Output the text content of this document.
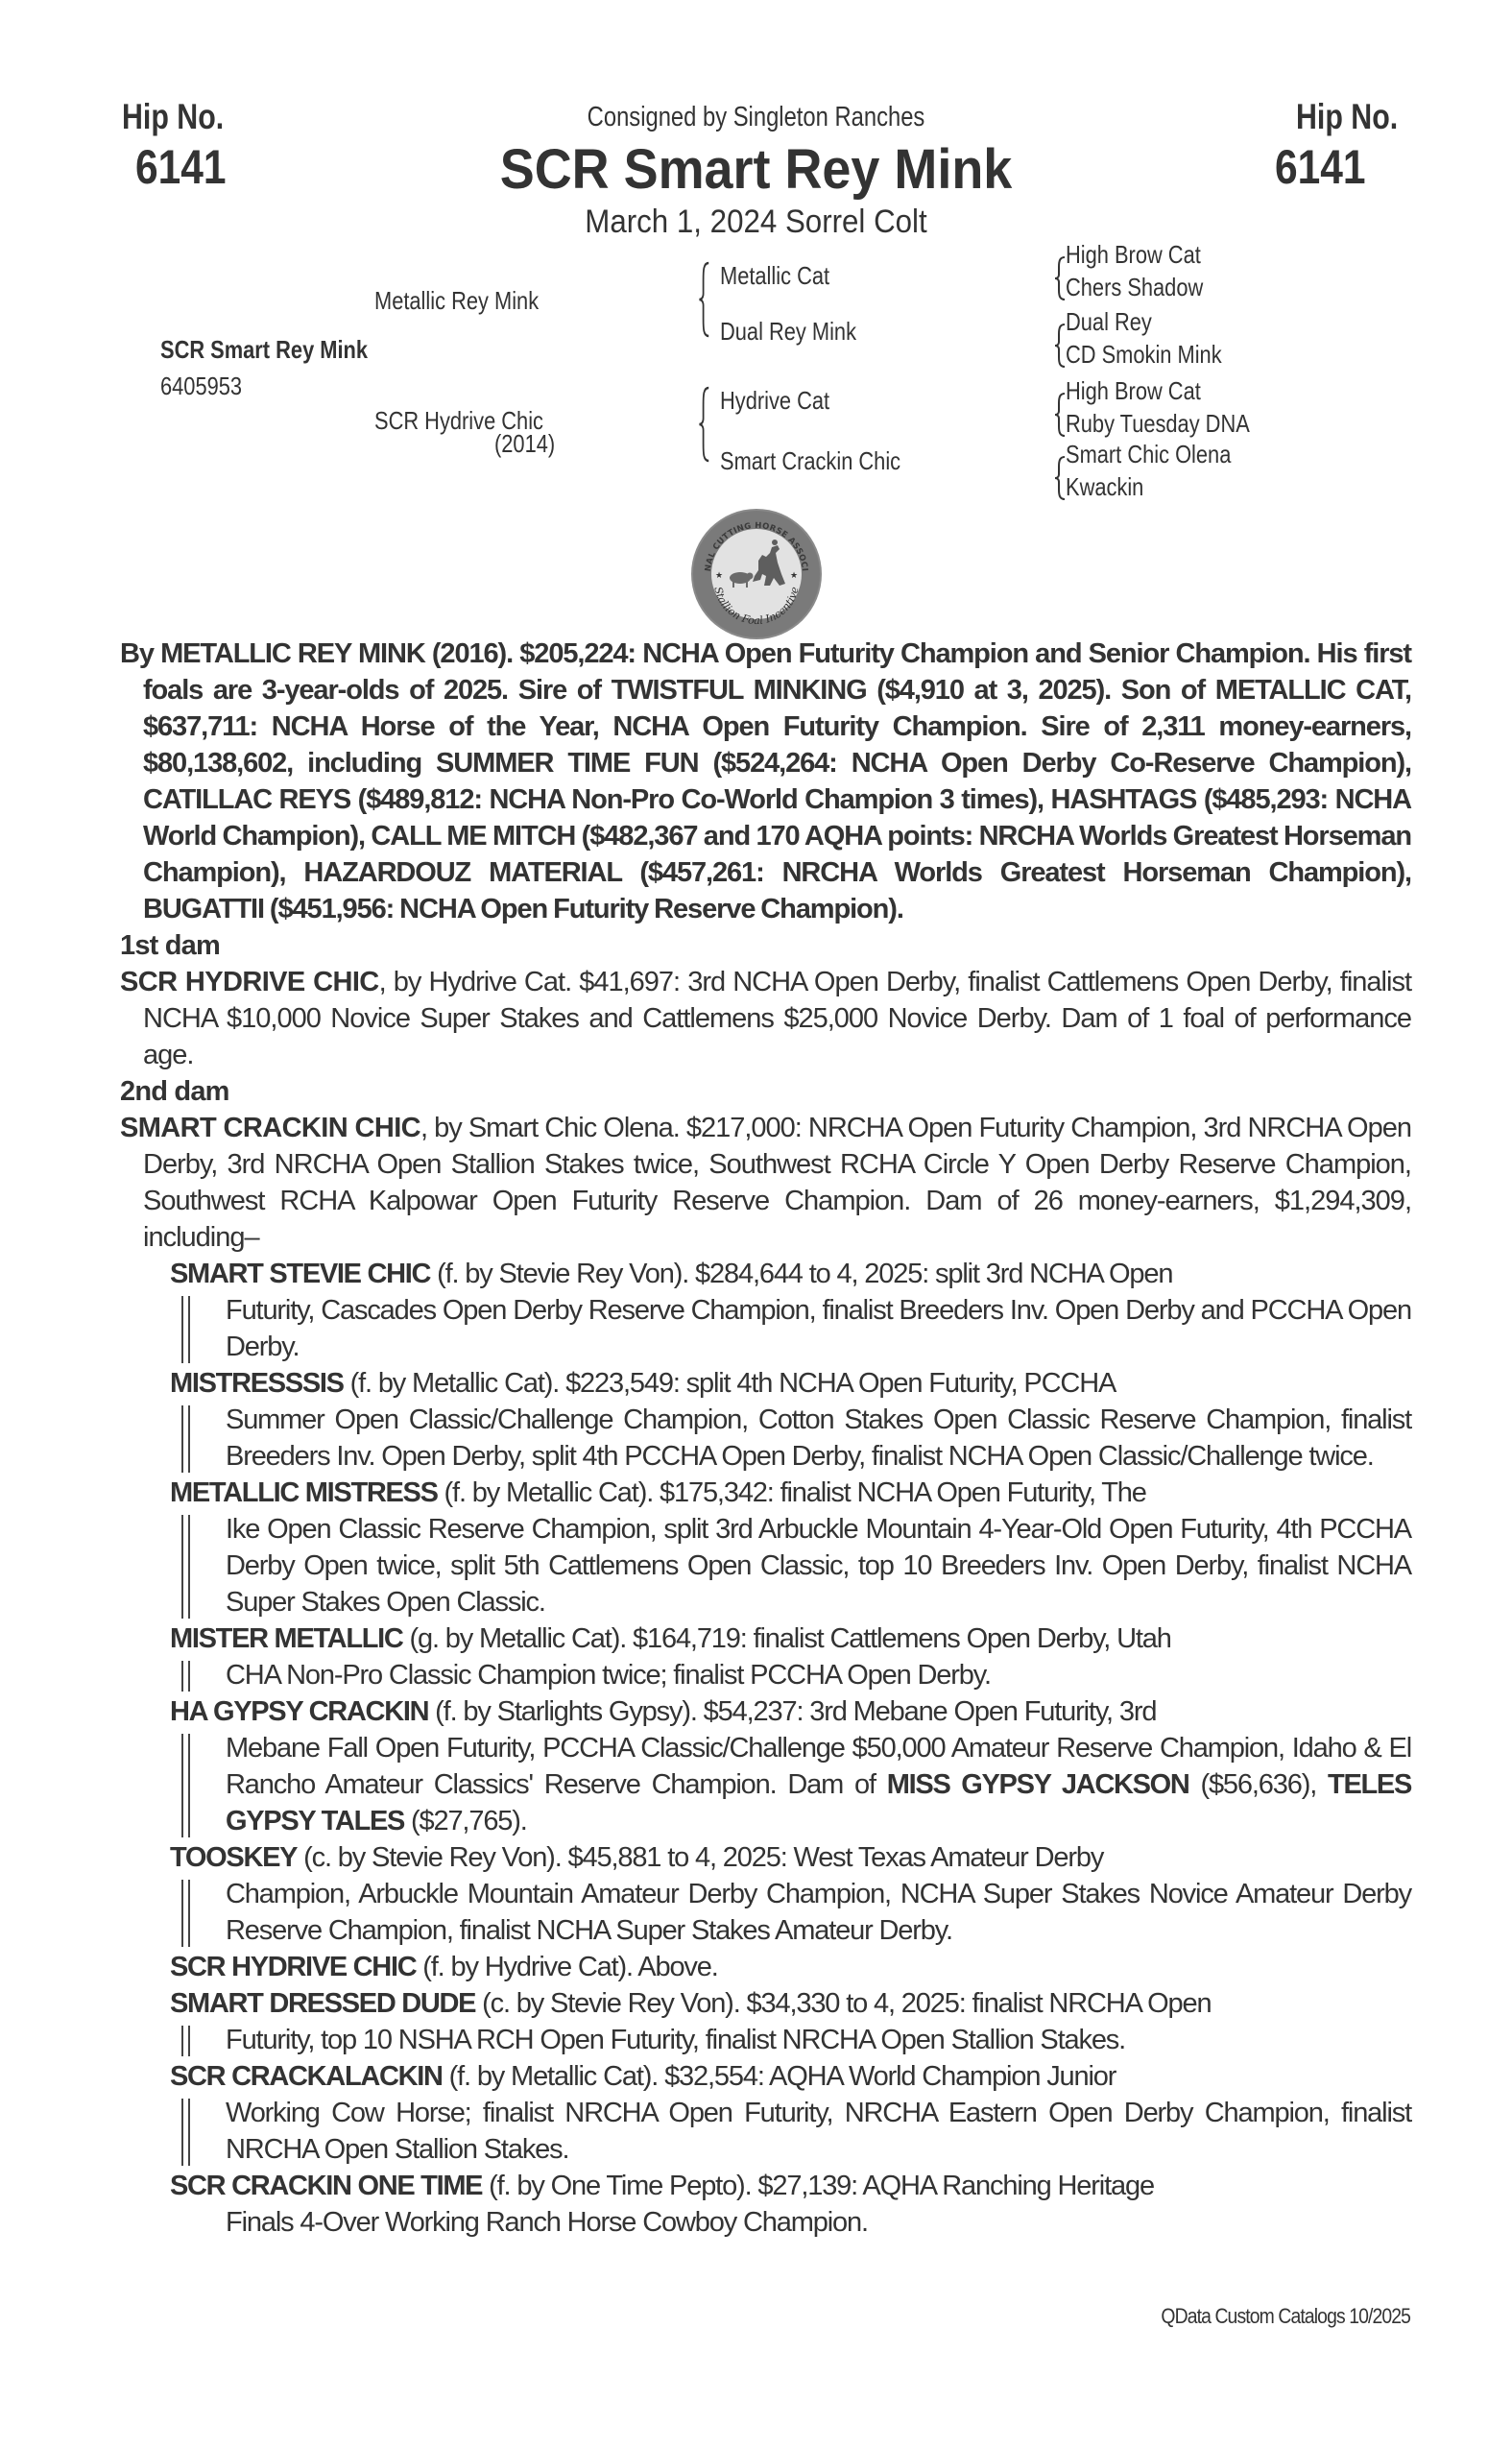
Hip No.
6141
Hip No.
6141
Consigned by Singleton Ranches
SCR Smart Rey Mink
March 1, 2024 Sorrel Colt
Metallic Rey Mink
SCR Smart Rey Mink
6405953
SCR Hydrive Chic
(2014)
Metallic Cat
Dual Rey Mink
Hydrive Cat
Smart Crackin Chic
High Brow Cat
Chers Shadow
Dual Rey
CD Smokin Mink
High Brow Cat
Ruby Tuesday DNA
Smart Chic Olena
Kwackin
NAL CUTTING HORSE ASSOCI
Stallion Foal Incentive
★	★

By METALLIC REY MINK (2016). $205,224: NCHA Open Futurity Champion and Senior Champion. His first foals are 3-year-olds of 2025. Sire of TWISTFUL MINKING ($4,910 at 3, 2025). Son of METALLIC CAT, $637,711: NCHA Horse of the Year, NCHA Open Futurity Champion. Sire of 2,311 money-earners, $80,138,602, including SUMMER TIME FUN ($524,264: NCHA Open Derby Co-Reserve Champion), CATILLAC REYS ($489,812: NCHA Non-Pro Co-World Champion 3 times), HASHTAGS ($485,293: NCHA World Champion), CALL ME MITCH ($482,367 and 170 AQHA points: NRCHA Worlds Greatest Horseman Champion), HAZARDOUZ MATERIAL ($457,261: NRCHA Worlds Greatest Horseman Champion), BUGATTII ($451,956: NCHA Open Futurity Reserve Champion).

1st dam

SCR HYDRIVE CHIC, by Hydrive Cat. $41,697: 3rd NCHA Open Derby, finalist Cattlemens Open Derby, finalist NCHA $10,000 Novice Super Stakes and Cattlemens $25,000 Novice Derby. Dam of 1 foal of performance age.

2nd dam

SMART CRACKIN CHIC, by Smart Chic Olena. $217,000: NRCHA Open Futurity Champion, 3rd NRCHA Open Derby, 3rd NRCHA Open Stallion Stakes twice, Southwest RCHA Circle Y Open Derby Reserve Champion, Southwest RCHA Kalpowar Open Futurity Reserve Champion. Dam of 26 money-earners, $1,294,309, including–

SMART STEVIE CHIC (f. by Stevie Rey Von). $284,644 to 4, 2025: split 3rd NCHA Open
Futurity, Cascades Open Derby Reserve Champion, finalist Breeders Inv. Open Derby and PCCHA Open Derby.
MISTRESSSIS (f. by Metallic Cat). $223,549: split 4th NCHA Open Futurity, PCCHA
Summer Open Classic/Challenge Champion, Cotton Stakes Open Classic Reserve Champion, finalist Breeders Inv. Open Derby, split 4th PCCHA Open Derby, finalist NCHA Open Classic/Challenge twice.
METALLIC MISTRESS (f. by Metallic Cat). $175,342: finalist NCHA Open Futurity, The
Ike Open Classic Reserve Champion, split 3rd Arbuckle Mountain 4-Year-Old Open Futurity, 4th PCCHA Derby Open twice, split 5th Cattlemens Open Classic, top 10 Breeders Inv. Open Derby, finalist NCHA Super Stakes Open Classic.
MISTER METALLIC (g. by Metallic Cat). $164,719: finalist Cattlemens Open Derby, Utah
CHA Non-Pro Classic Champion twice; finalist PCCHA Open Derby.
HA GYPSY CRACKIN (f. by Starlights Gypsy). $54,237: 3rd Mebane Open Futurity, 3rd
Mebane Fall Open Futurity, PCCHA Classic/Challenge $50,000 Amateur Reserve Champion, Idaho & El Rancho Amateur Classics' Reserve Champion. Dam of MISS GYPSY JACKSON ($56,636), TELES GYPSY TALES ($27,765).
TOOSKEY (c. by Stevie Rey Von). $45,881 to 4, 2025: West Texas Amateur Derby
Champion, Arbuckle Mountain Amateur Derby Champion, NCHA Super Stakes Novice Amateur Derby Reserve Champion, finalist NCHA Super Stakes Amateur Derby.
SCR HYDRIVE CHIC (f. by Hydrive Cat). Above.
SMART DRESSED DUDE (c. by Stevie Rey Von). $34,330 to 4, 2025: finalist NRCHA Open
Futurity, top 10 NSHA RCH Open Futurity, finalist NRCHA Open Stallion Stakes.
SCR CRACKALACKIN (f. by Metallic Cat). $32,554: AQHA World Champion Junior
Working Cow Horse; finalist NRCHA Open Futurity, NRCHA Eastern Open Derby Champion, finalist NRCHA Open Stallion Stakes.
SCR CRACKIN ONE TIME (f. by One Time Pepto). $27,139: AQHA Ranching Heritage
Finals 4-Over Working Ranch Horse Cowboy Champion.
QData Custom Catalogs 10/2025
